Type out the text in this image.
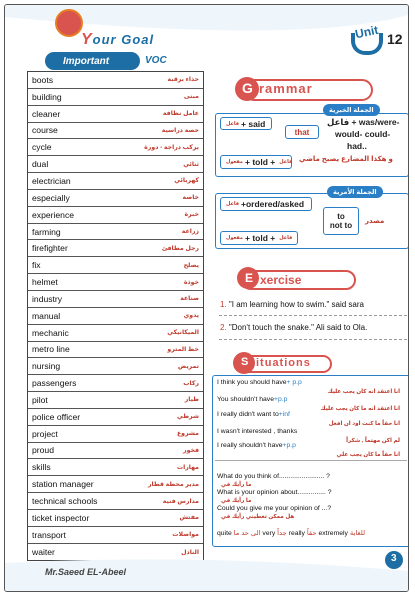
Your Goal
Important	VOC
Unit 12
boots	حذاء برقبة
building	مبنى
cleaner	عامل نظافة
course	حصة دراسية
cycle	يركب دراجة - دورة
dual	ثنائي
electrician	كهربائي
especially	خاصة
experience	خبرة
farming	زراعة
firefighter	رجل مطافئ
fix	يصلح
helmet	خوذة
industry	صناعة
manual	يدوي
mechanic	الميكانيكي
metro line	خط المترو
nursing	تمريض
passengers	ركاب
pilot	طيار
police officer	شرطي
project	مشروع
proud	فخور
skills	مهارات
station manager	مدير محطة قطار
technical schools	مدارس فنية
ticket inspector	مفتش
transport	مواصلات
waiter	النادل
G rammar
الجملة الخبرية
فاعل + said
that
فاعل + was/were-
would- could-
had..
مفعول + told + فاعل و هكذا المضارع يصبح ماضي
الجملة الأمرية
فاعل +ordered/asked
to
not to مصدر
مفعول + told + فاعل
E xercise
1. "I am learning how to swim." said sara
2. "Don't touch the snake." Ali said to Ola.
S ituations
I think you should have+ p.p
انا اعتقد انه كان يجب عليك
You shouldn't have+p.p
انا اعتقد انه ما كان يجب عليك
I really didn't want to+inf
انا حقاً ما كنت اود ان افعل
I wasn't interested , thanks
لم اكن مهتماً , شكراً
I really shouldn't have+p.p
انا حقاً ما كان يجب علي
What do you think of........................ ?
ما رأيك في
What is your opinion about............... ?
ما رأيك في
Could you give me your opinion of ...?
هل ممكن تعطيني رأيك في
quite الى حد ما very جداً really حقاً extremely للغاية
Mr.Saeed EL-Abeel
3
